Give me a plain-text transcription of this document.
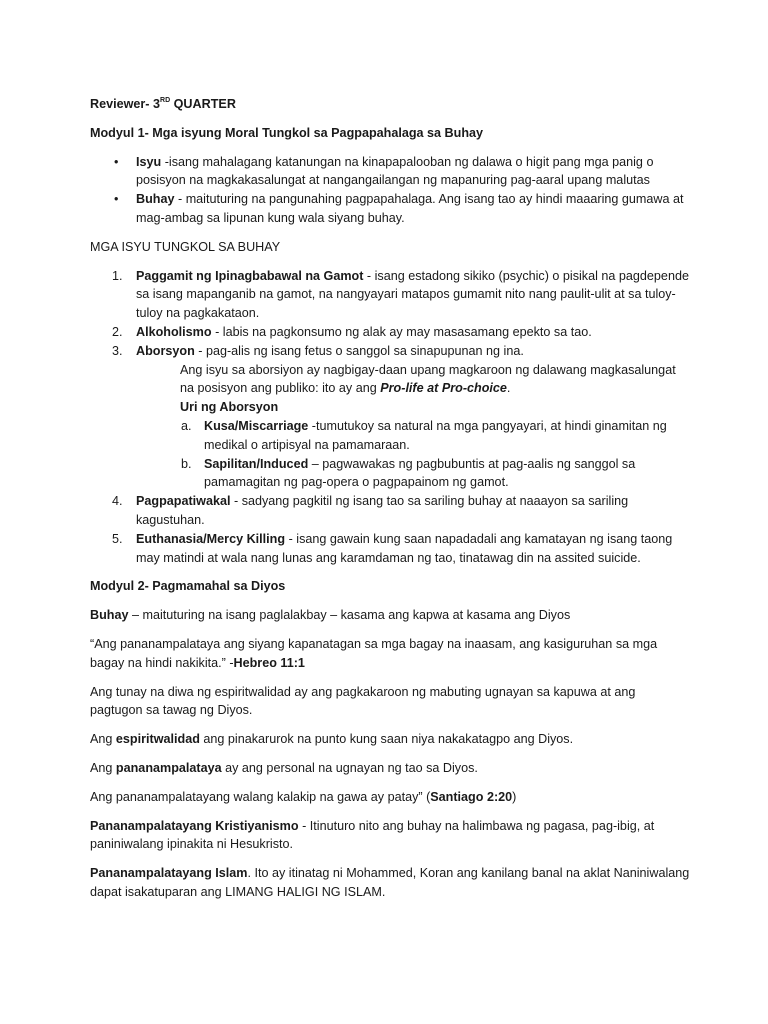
Reviewer- 3RD QUARTER

Modyul 1- Mga isyung Moral Tungkol sa Pagpapahalaga sa Buhay

• Isyu -isang mahalagang katanungan na kinapapalooban ng dalawa o higit pang mga panig o posisyon na magkakasalungat at nangangailangan ng mapanuring pag-aaral upang malutas
• Buhay - maituturing na pangunahing pagpapahalaga. Ang isang tao ay hindi maaaring gumawa at mag-ambag sa lipunan kung wala siyang buhay.

MGA ISYU TUNGKOL SA BUHAY

1. Paggamit ng Ipinagbabawal na Gamot - isang estadong sikiko (psychic) o pisikal na pagdepende sa isang mapanganib na gamot, na nangyayari matapos gumamit nito nang paulit-ulit at sa tuloy-tuloy na pagkakataon.
2. Alkoholismo - labis na pagkonsumo ng alak ay may masasamang epekto sa tao.
3. Aborsyon - pag-alis ng isang fetus o sanggol sa sinapupunan ng ina.

Ang isyu sa aborsiyon ay nagbigay-daan upang magkaroon ng dalawang magkasalungat na posisyon ang publiko: ito ay ang Pro-life at Pro-choice.

Uri ng Aborsyon

a. Kusa/Miscarriage -tumutukoy sa natural na mga pangyayari, at hindi ginamitan ng medikal o artipisyal na pamamaraan.
b. Sapilitan/Induced – pagwawakas ng pagbubuntis at pag-aalis ng sanggol sa pamamagitan ng pag-opera o pagpapainom ng gamot.
4. Pagpapatiwakal - sadyang pagkitil ng isang tao sa sariling buhay at naaayon sa sariling kagustuhan.
5. Euthanasia/Mercy Killing - isang gawain kung saan napadadali ang kamatayan ng isang taong may matindi at wala nang lunas ang karamdaman ng tao, tinatawag din na assited suicide.

Modyul 2- Pagmamahal sa Diyos

Buhay – maituturing na isang paglalakbay – kasama ang kapwa at kasama ang Diyos

“Ang pananampalataya ang siyang kapanatagan sa mga bagay na inaasam, ang kasiguruhan sa mga bagay na hindi nakikita.” -Hebreo 11:1

Ang tunay na diwa ng espiritwalidad ay ang pagkakaroon ng mabuting ugnayan sa kapuwa at ang pagtugon sa tawag ng Diyos.

Ang espiritwalidad ang pinakarurok na punto kung saan niya nakakatagpo ang Diyos.

Ang pananampalataya ay ang personal na ugnayan ng tao sa Diyos.

Ang pananampalatayang walang kalakip na gawa ay patay” (Santiago 2:20)

Pananampalatayang Kristiyanismo - Itinuturo nito ang buhay na halimbawa ng pagasa, pag-ibig, at paniniwalang ipinakita ni Hesukristo.

Pananampalatayang Islam. Ito ay itinatag ni Mohammed, Koran ang kanilang banal na aklat Naniniwalang dapat isakatuparan ang LIMANG HALIGI NG ISLAM.
